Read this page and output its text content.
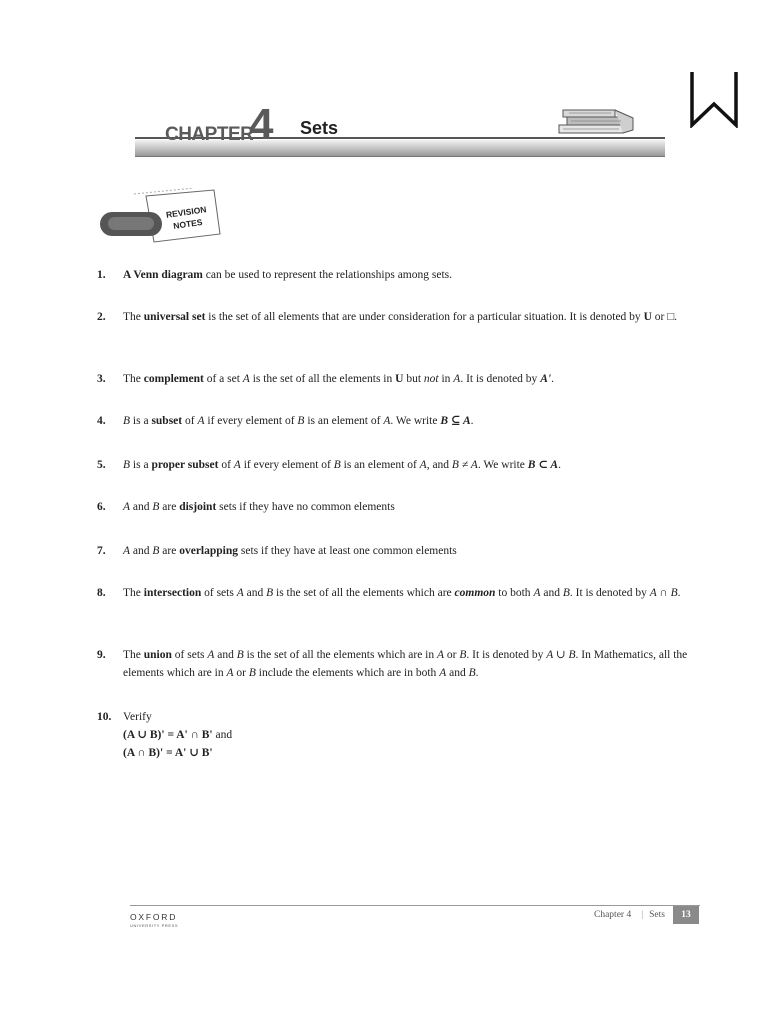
CHAPTER
4 Sets
REVISION
NOTES
1.	A Venn diagram can be used to represent the relationships among sets.
2.	The universal set is the set of all elements that are under consideration for a particular situation. It is denoted by U or □.
3.	The complement of a set A is the set of all the elements in U but not in A. It is denoted by A'.
4.	B is a subset of A if every element of B is an element of A. We write B ⊆ A.
5.	B is a proper subset of A if every element of B is an element of A, and B ≠ A. We write B ⊂ A.
6.	A and B are disjoint sets if they have no common elements
7.	A and B are overlapping sets if they have at least one common elements
8.	The intersection of sets A and B is the set of all the elements which are common to both A and B. It is denoted by A ∩ B.
9.	The union of sets A and B is the set of all the elements which are in A or B. It is denoted by A ∪ B. In Mathematics, all the elements which are in A or B include the elements which are in both A and B.
10.	Verify
(A ∪ B)' = A' ∩ B' and
(A ∩ B)' = A' ∪ B'
OXFORD
UNIVERSITY PRESS
Chapter 4 | Sets	13
